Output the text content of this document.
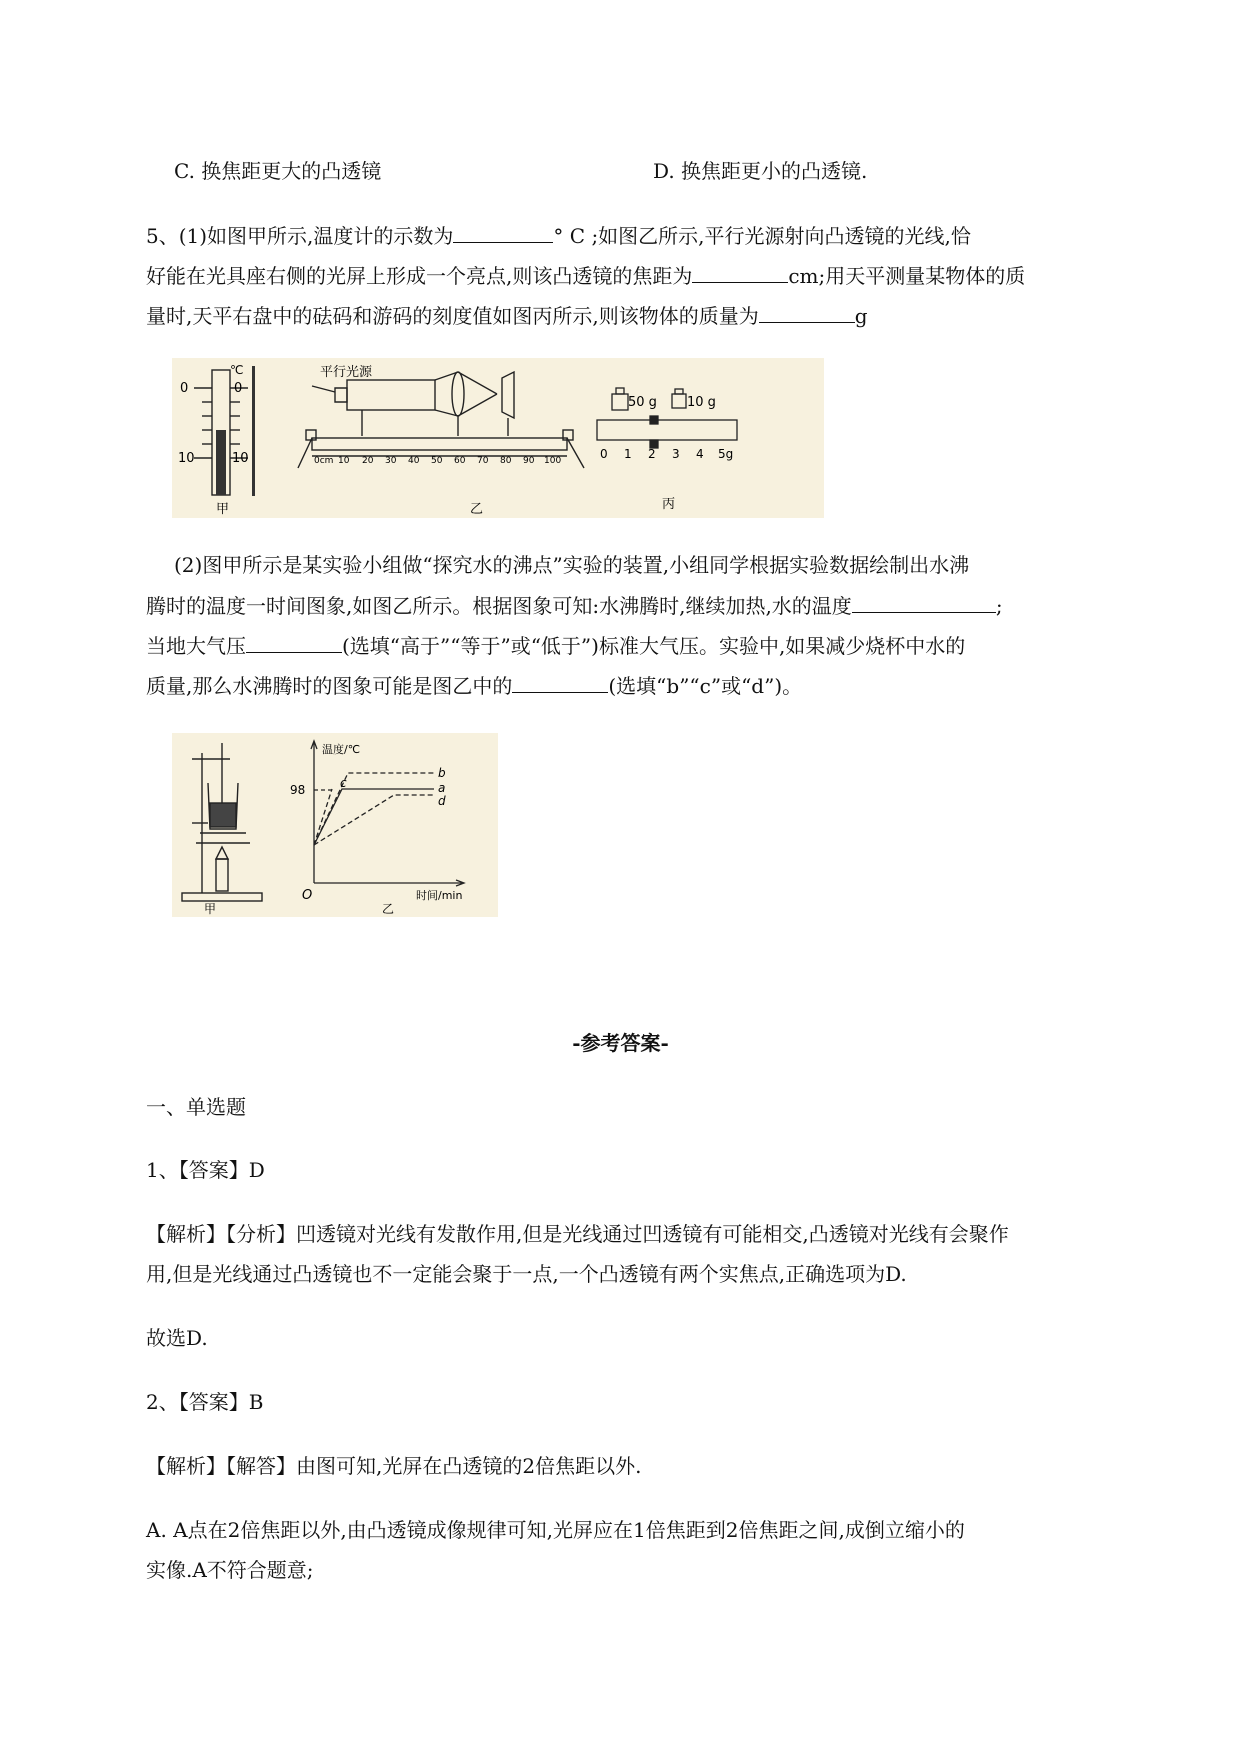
C. 换焦距更大的凸透镜	D. 换焦距更小的凸透镜.
5、(1)如图甲所示,温度计的示数为	° C ;如图乙所示,平行光源射向凸透镜的光线,恰
好能在光具座右侧的光屏上形成一个亮点,则该凸透镜的焦距为	cm;用天平测量某物体的质
量时,天平右盘中的砝码和游码的刻度值如图丙所示,则该物体的质量为	g
℃
0	0
10	10
甲
平行光源
0cm 10 20 30 40 50 60 70 80 90 100
乙
50 g 10 g
0 1 2 3 4 5g
丙
(2)图甲所示是某实验小组做“探究水的沸点”实验的装置,小组同学根据实验数据绘制出水沸
腾时的温度一时间图象,如图乙所示。根据图象可知:水沸腾时,继续加热,水的温度	;
当地大气压	(选填“高于”“等于”或“低于”)标准大气压。实验中,如果减少烧杯中水的
质量,那么水沸腾时的图象可能是图乙中的	(选填“b”“c”或“d”)。
甲
温度/℃
98
b
a
d
c
O	时间/min
乙
-参考答案-
一、单选题
1、【答案】D
【解析】【分析】凹透镜对光线有发散作用,但是光线通过凹透镜有可能相交,凸透镜对光线有会聚作
用,但是光线通过凸透镜也不一定能会聚于一点,一个凸透镜有两个实焦点,正确选项为D.
故选D.
2、【答案】B
【解析】【解答】由图可知,光屏在凸透镜的2倍焦距以外.
A. A点在2倍焦距以外,由凸透镜成像规律可知,光屏应在1倍焦距到2倍焦距之间,成倒立缩小的
实像.A不符合题意;
